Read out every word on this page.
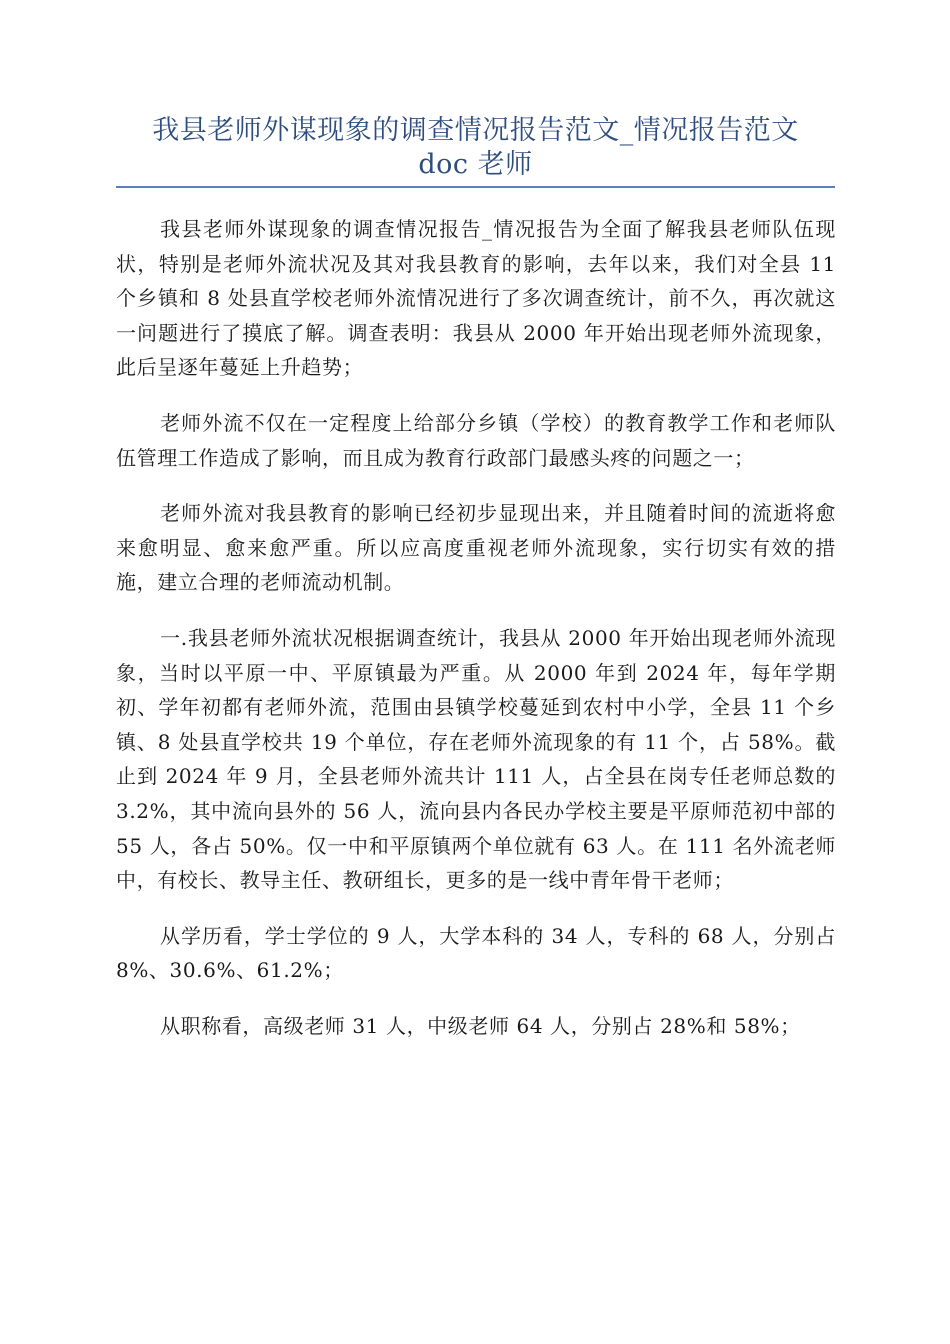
我县老师外谋现象的调查情况报告范文_情况报告范文
doc 老师

我县老师外谋现象的调查情况报告_情况报告为全面了解我县老师队伍现状，特别是老师外流状况及其对我县教育的影响，去年以来，我们对全县 11 个乡镇和 8 处县直学校老师外流情况进行了多次调查统计，前不久，再次就这一问题进行了摸底了解。调查表明：我县从 2000 年开始出现老师外流现象，此后呈逐年蔓延上升趋势；

老师外流不仅在一定程度上给部分乡镇（学校）的教育教学工作和老师队伍管理工作造成了影响，而且成为教育行政部门最感头疼的问题之一；

老师外流对我县教育的影响已经初步显现出来，并且随着时间的流逝将愈来愈明显、愈来愈严重。所以应高度重视老师外流现象，实行切实有效的措施，建立合理的老师流动机制。

一.我县老师外流状况根据调查统计，我县从 2000 年开始出现老师外流现象，当时以平原一中、平原镇最为严重。从 2000 年到 2024 年，每年学期初、学年初都有老师外流，范围由县镇学校蔓延到农村中小学，全县 11 个乡镇、8 处县直学校共 19 个单位，存在老师外流现象的有 11 个，占 58%。截止到 2024 年 9 月，全县老师外流共计 111 人，占全县在岗专任老师总数的 3.2%，其中流向县外的 56 人，流向县内各民办学校主要是平原师范初中部的 55 人，各占 50%。仅一中和平原镇两个单位就有 63 人。在 111 名外流老师中，有校长、教导主任、教研组长，更多的是一线中青年骨干老师；

从学历看，学士学位的 9 人，大学本科的 34 人，专科的 68 人，分别占 8%、30.6%、61.2%；

从职称看，高级老师 31 人，中级老师 64 人，分别占 28%和 58%；
